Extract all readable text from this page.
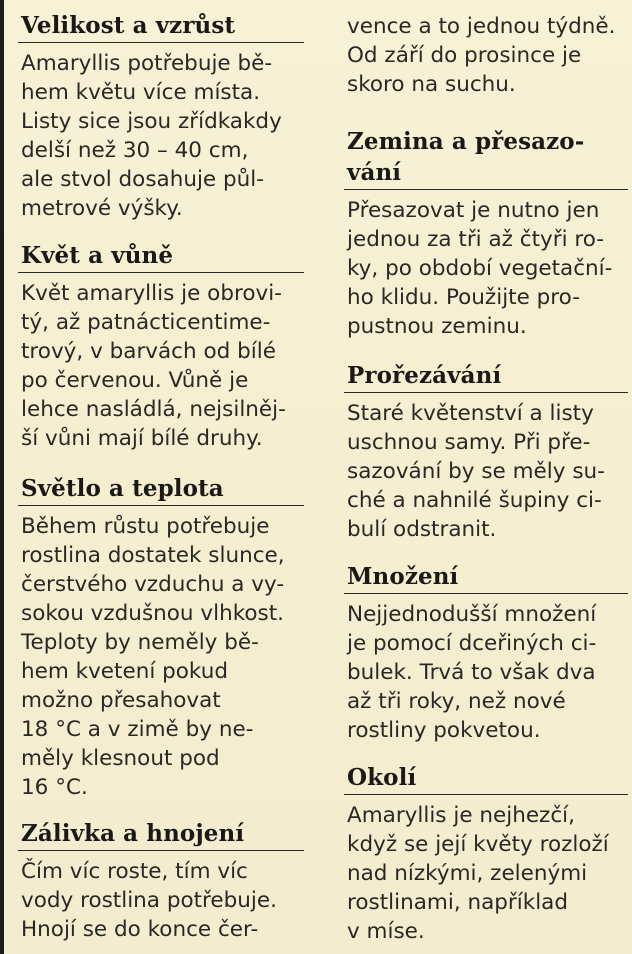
Velikost a vzrůst

Amaryllis potřebuje bě-
hem květu více místa.
Listy sice jsou zřídkakdy
delší než 30 – 40 cm,
ale stvol dosahuje půl-
metrové výšky.

Květ a vůně

Květ amaryllis je obrovi-
tý, až patnácticentime-
trový, v barvách od bílé
po červenou. Vůně je
lehce nasládlá, nejsilněj-
ší vůni mají bílé druhy.

Světlo a teplota

Během růstu potřebuje
rostlina dostatek slunce,
čerstvého vzduchu a vy-
sokou vzdušnou vlhkost.
Teploty by neměly bě-
hem kvetení pokud
možno přesahovat
18 °C a v zimě by ne-
měly klesnout pod
16 °C.

Zálivka a hnojení

Čím víc roste, tím víc
vody rostlina potřebuje.
Hnojí se do konce čer-

vence a to jednou týdně.
Od září do prosince je
skoro na suchu.

Zemina a přesazo-
vání

Přesazovat je nutno jen
jednou za tři až čtyři ro-
ky, po období vegetační-
ho klidu. Použijte pro-
pustnou zeminu.

Prořezávání

Staré květenství a listy
uschnou samy. Při pře-
sazování by se měly su-
ché a nahnilé šupiny ci-
bulí odstranit.

Množení

Nejjednodušší množení
je pomocí dceřiných ci-
bulek. Trvá to však dva
až tři roky, než nové
rostliny pokvetou.

Okolí

Amaryllis je nejhezčí,
když se její květy rozloží
nad nízkými, zelenými
rostlinami, například
v míse.
